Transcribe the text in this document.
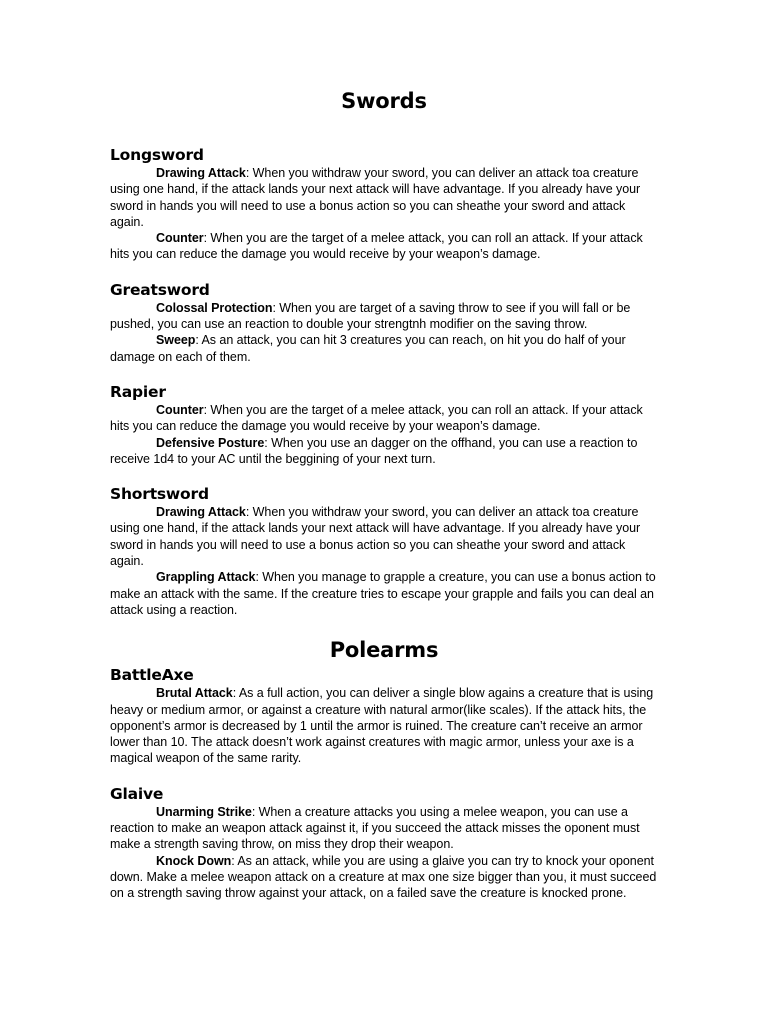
Swords
Longsword

Drawing Attack: When you withdraw your sword, you can deliver an attack toa creature using one hand, if the attack lands your next attack will have advantage. If you already have your sword in hands you will need to use a bonus action so you can sheathe your sword and attack again.

Counter: When you are the target of a melee attack, you can roll an attack. If your attack hits you can reduce the damage you would receive by your weapon’s damage.

Greatsword

Colossal Protection: When you are target of a saving throw to see if you will fall or be pushed, you can use an reaction to double your strengtnh modifier on the saving throw.

Sweep: As an attack, you can hit 3 creatures you can reach, on hit you do half of your damage on each of them.

Rapier

Counter: When you are the target of a melee attack, you can roll an attack. If your attack hits you can reduce the damage you would receive by your weapon’s damage.

Defensive Posture: When you use an dagger on the offhand, you can use a reaction to receive 1d4 to your AC until the beggining of your next turn.

Shortsword

Drawing Attack: When you withdraw your sword, you can deliver an attack toa creature using one hand, if the attack lands your next attack will have advantage. If you already have your sword in hands you will need to use a bonus action so you can sheathe your sword and attack again.

Grappling Attack: When you manage to grapple a creature, you can use a bonus action to make an attack with the same. If the creature tries to escape your grapple and fails you can deal an attack using a reaction.

Polearms
BattleAxe

Brutal Attack: As a full action, you can deliver a single blow agains a creature that is using heavy or medium armor, or against a creature with natural armor(like scales). If the attack hits, the opponent’s armor is decreased by 1 until the armor is ruined. The creature can’t receive an armor lower than 10. The attack doesn’t work against creatures with magic armor, unless your axe is a magical weapon of the same rarity.

Glaive

Unarming Strike: When a creature attacks you using a melee weapon, you can use a reaction to make an weapon attack against it, if you succeed the attack misses the oponent must make a strength saving throw, on miss they drop their weapon.

Knock Down: As an attack, while you are using a glaive you can try to knock your oponent down. Make a melee weapon attack on a creature at max one size bigger than you, it must succeed on a strength saving throw against your attack, on a failed save the creature is knocked prone.
